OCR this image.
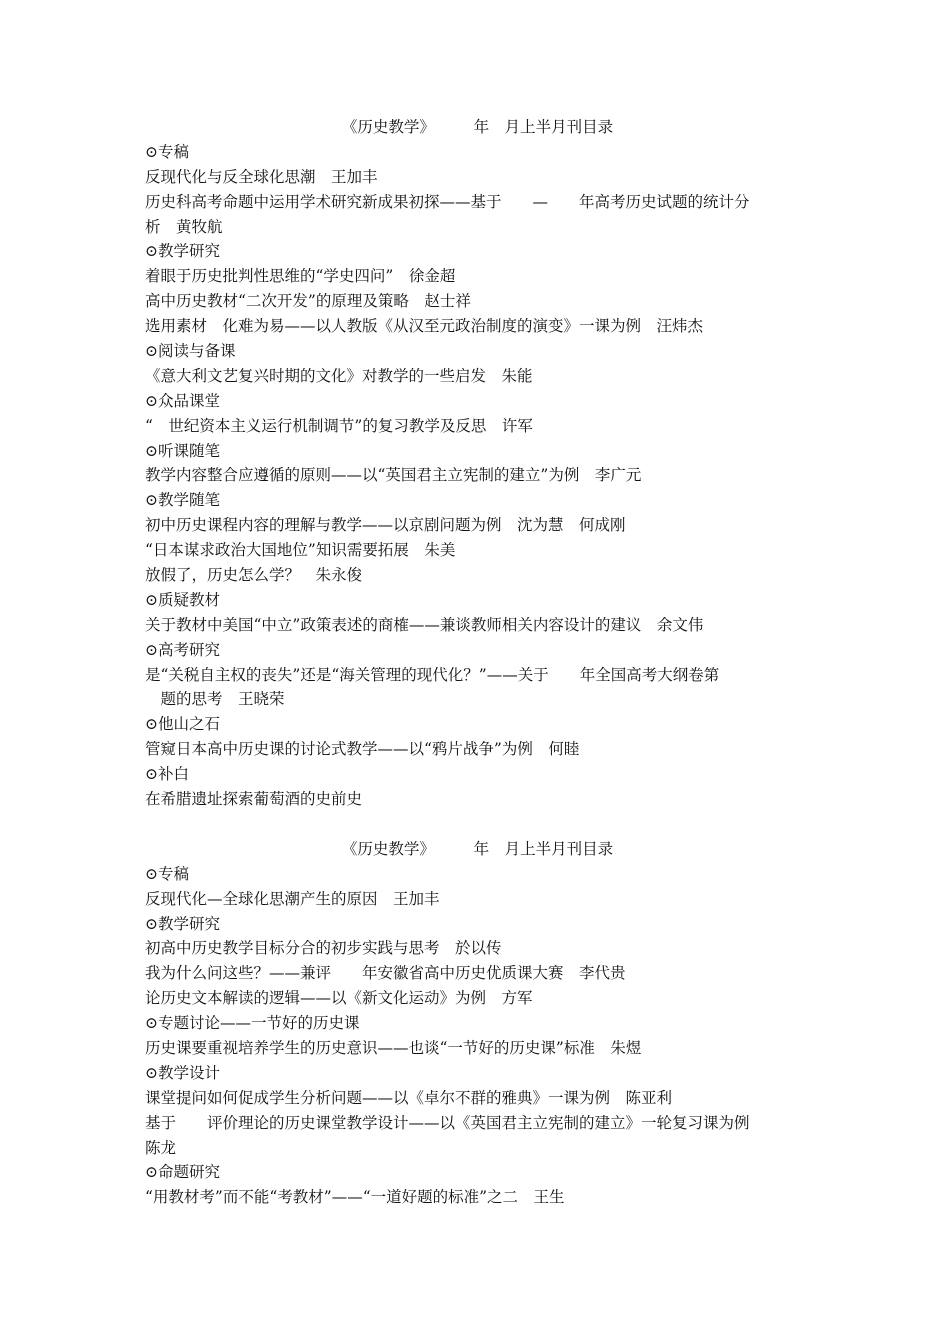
《历史教学》　　　年　月上半月刊目录
⊙专稿
反现代化与反全球化思潮　王加丰
历史科高考命题中运用学术研究新成果初探——基于　　—　　年高考历史试题的统计分
析　黄牧航
⊙教学研究
着眼于历史批判性思维的“学史四问”　徐金超
高中历史教材“二次开发”的原理及策略　赵士祥
选用素材　化难为易——以人教版《从汉至元政治制度的演变》一课为例　汪炜杰
⊙阅读与备课
《意大利文艺复兴时期的文化》对教学的一些启发　朱能
⊙众品课堂
“　世纪资本主义运行机制调节”的复习教学及反思　许军
⊙听课随笔
教学内容整合应遵循的原则——以“英国君主立宪制的建立”为例　李广元
⊙教学随笔
初中历史课程内容的理解与教学——以京剧问题为例　沈为慧　何成刚
“日本谋求政治大国地位”知识需要拓展　朱美
放假了，历史怎么学？　朱永俊
⊙质疑教材
关于教材中美国“中立”政策表述的商榷——兼谈教师相关内容设计的建议　余文伟
⊙高考研究
是“关税自主权的丧失”还是“海关管理的现代化？”——关于　　年全国高考大纲卷第
　题的思考　王晓荣
⊙他山之石
管窥日本高中历史课的讨论式教学——以“鸦片战争”为例　何睦
⊙补白
在希腊遗址探索葡萄酒的史前史
《历史教学》　　　年　月上半月刊目录
⊙专稿
反现代化—全球化思潮产生的原因　王加丰
⊙教学研究
初高中历史教学目标分合的初步实践与思考　於以传
我为什么问这些？——兼评　　年安徽省高中历史优质课大赛　李代贵
论历史文本解读的逻辑——以《新文化运动》为例　方军
⊙专题讨论——一节好的历史课
历史课要重视培养学生的历史意识——也谈“一节好的历史课”标准　朱煜
⊙教学设计
课堂提问如何促成学生分析问题——以《卓尔不群的雅典》一课为例　陈亚利
基于　　评价理论的历史课堂教学设计——以《英国君主立宪制的建立》一轮复习课为例
陈龙
⊙命题研究
“用教材考”而不能“考教材”——“一道好题的标准”之二　王生
